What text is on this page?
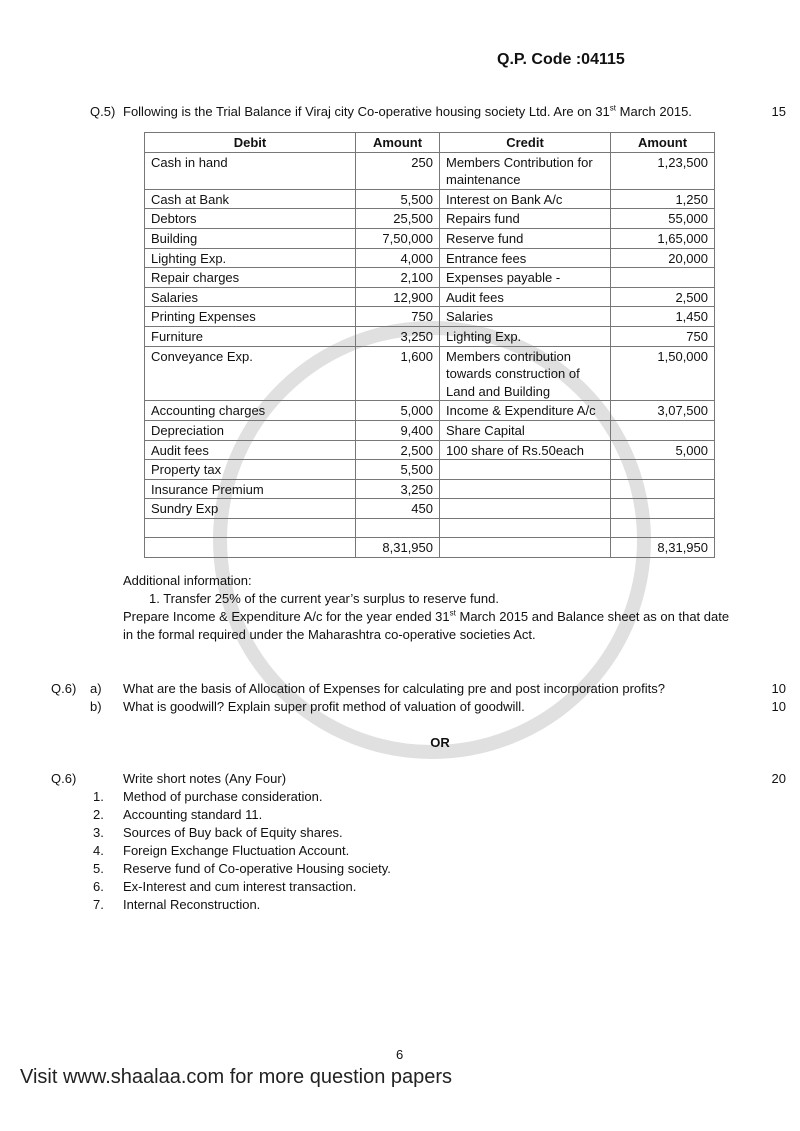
Q.P. Code :04115
Q.5) Following is the Trial Balance if Viraj city Co-operative housing society Ltd. Are on 31st March 2015.	15
Debit	Amount	Credit	Amount
Cash in hand	250	Members Contribution for maintenance	1,23,500
Cash at Bank	5,500	Interest on Bank A/c	1,250
Debtors	25,500	Repairs fund	55,000
Building	7,50,000	Reserve fund	1,65,000
Lighting Exp.	4,000	Entrance fees	20,000
Repair charges	2,100	Expenses payable -	
Salaries	12,900	Audit fees	2,500
Printing Expenses	750	Salaries	1,450
Furniture	3,250	Lighting Exp.	750
Conveyance Exp.	1,600	Members contribution towards construction of Land and Building	1,50,000
Accounting charges	5,000	Income & Expenditure A/c	3,07,500
Depreciation	9,400	Share Capital	
Audit fees	2,500	100 share of Rs.50each	5,000
Property tax	5,500		
Insurance Premium	3,250		
Sundry Exp	450		

	8,31,950		8,31,950
Additional information:
1. Transfer 25% of the current year’s surplus to reserve fund.
Prepare Income & Expenditure A/c for the year ended 31st March 2015 and Balance sheet as on that date
in the formal required under the Maharashtra co-operative societies Act.
Q.6)	a)	What are the basis of Allocation of Expenses for calculating pre and post incorporation profits?	10
b)	What is goodwill? Explain super profit method of valuation of goodwill.	10
OR
Q.6)	Write short notes (Any Four)	20
1.	Method of purchase consideration.
2.	Accounting standard 11.
3.	Sources of Buy back of Equity shares.
4.	Foreign Exchange Fluctuation Account.
5.	Reserve fund of Co-operative Housing society.
6.	Ex-Interest and cum interest transaction.
7.	Internal Reconstruction.
6
Visit www.shaalaa.com for more question papers
